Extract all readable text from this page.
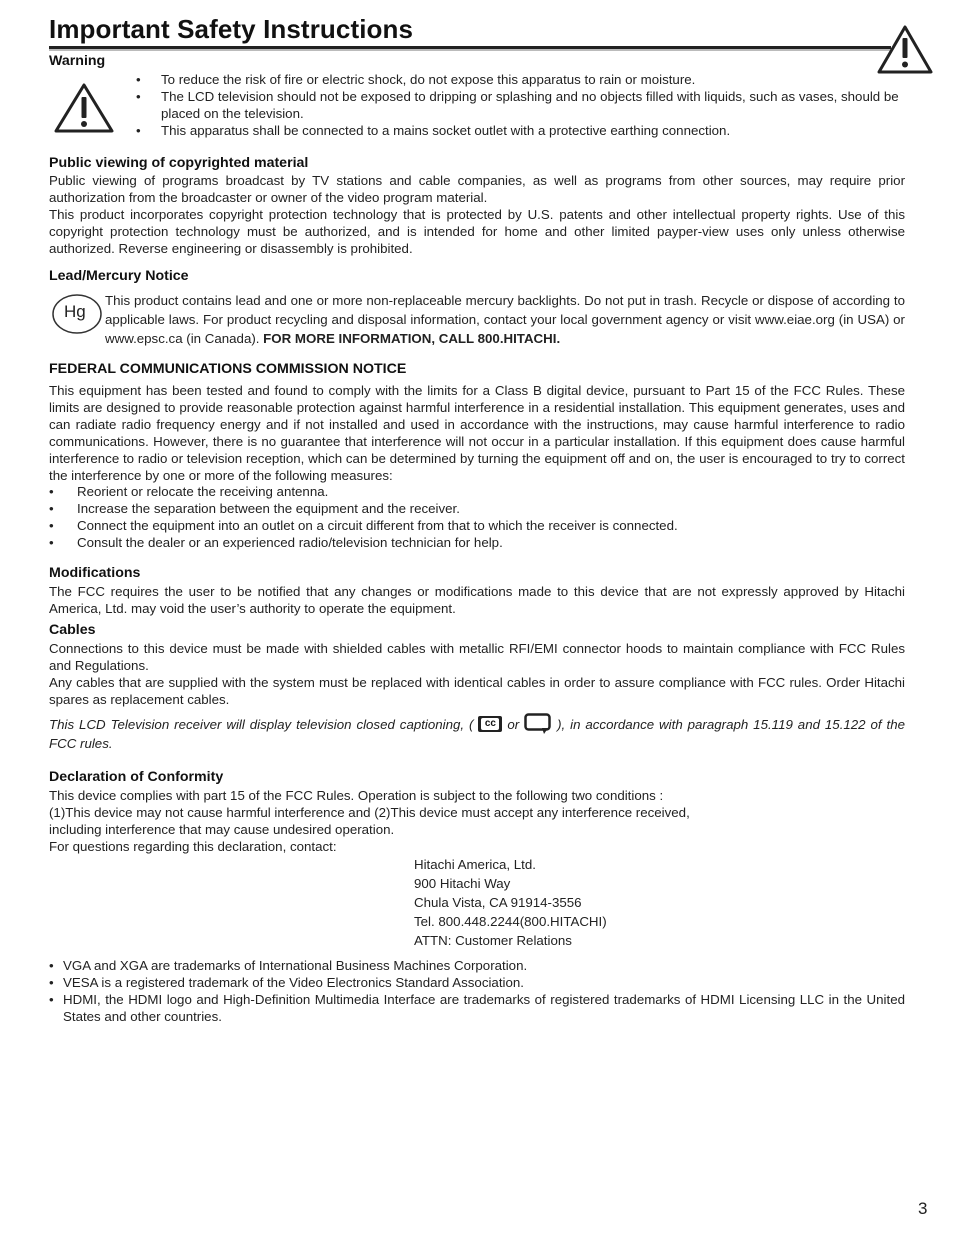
Important Safety Instructions
Warning
• To reduce the risk of fire or electric shock, do not expose this apparatus to rain or moisture.
• The LCD television should not be exposed to dripping or splashing and no objects filled with liquids, such as vases, should be placed on the television.
• This apparatus shall be connected to a mains socket outlet with a protective earthing connection.
Public viewing of copyrighted material
Public viewing of programs broadcast by TV stations and cable companies, as well as programs from other sources, may require prior authorization from the broadcaster or owner of the video program material.
This product incorporates copyright protection technology that is protected by U.S. patents and other intellectual property rights. Use of this copyright protection technology must be authorized, and is intended for home and other limited payper-view uses only unless otherwise authorized. Reverse engineering or disassembly is prohibited.
Lead/Mercury Notice
Hg
This product contains lead and one or more non-replaceable mercury backlights. Do not put in trash. Recycle or dispose of according to applicable laws. For product recycling and disposal information, contact your local government agency or visit www.eiae.org (in USA) or www.epsc.ca (in Canada). FOR MORE INFORMATION, CALL 800.HITACHI.
FEDERAL COMMUNICATIONS COMMISSION NOTICE
This equipment has been tested and found to comply with the limits for a Class B digital device, pursuant to Part 15 of the FCC Rules. These limits are designed to provide reasonable protection against harmful interference in a residential installation. This equipment generates, uses and can radiate radio frequency energy and if not installed and used in accordance with the instructions, may cause harmful interference to radio communications. However, there is no guarantee that interference will not occur in a particular installation. If this equipment does cause harmful interference to radio or television reception, which can be determined by turning the equipment off and on, the user is encouraged to try to correct the interference by one or more of the following measures:
• Reorient or relocate the receiving antenna.
• Increase the separation between the equipment and the receiver.
• Connect the equipment into an outlet on a circuit different from that to which the receiver is connected.
• Consult the dealer or an experienced radio/television technician for help.
Modifications
The FCC requires the user to be notified that any changes or modifications made to this device that are not expressly approved by Hitachi America, Ltd. may void the user’s authority to operate the equipment.
Cables
Connections to this device must be made with shielded cables with metallic RFI/EMI connector hoods to maintain compliance with FCC Rules and Regulations.
Any cables that are supplied with the system must be replaced with identical cables in order to assure compliance with FCC rules. Order Hitachi spares as replacement cables.
This LCD Television receiver will display television closed captioning, (	cc or	), in accordance with paragraph 15.119 and 15.122 of the FCC rules.
Declaration of Conformity
This device complies with part 15 of the FCC Rules. Operation is subject to the following two conditions :
(1)This device may not cause harmful interference and (2)This device must accept any interference received,
including interference that may cause undesired operation.
For questions regarding this declaration, contact:
Hitachi America, Ltd.
900 Hitachi Way
Chula Vista, CA 91914-3556
Tel. 800.448.2244(800.HITACHI)
ATTN: Customer Relations
• VGA and XGA are trademarks of International Business Machines Corporation.
• VESA is a registered trademark of the Video Electronics Standard Association.
• HDMI, the HDMI logo and High-Definition Multimedia Interface are trademarks of registered trademarks of HDMI Licensing LLC in the United States and other countries.
3
